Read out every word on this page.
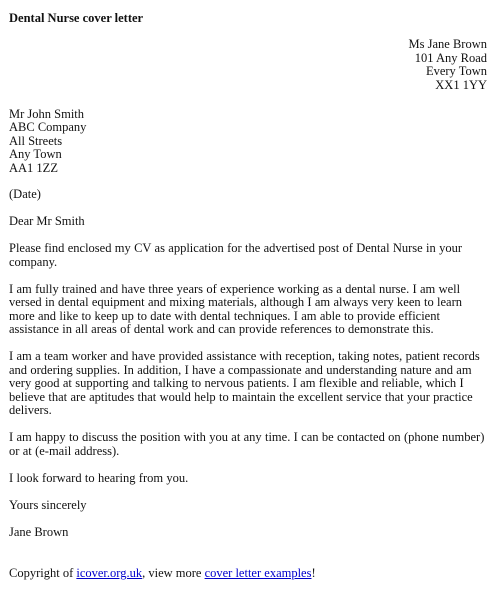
Dental Nurse cover letter
Ms Jane Brown
101 Any Road
Every Town
XX1 1YY
Mr John Smith
ABC Company
All Streets
Any Town
AA1 1ZZ
(Date)
Dear Mr Smith

Please find enclosed my CV as application for the advertised post of Dental Nurse in your company.

I am fully trained and have three years of experience working as a dental nurse. I am well versed in dental equipment and mixing materials, although I am always very keen to learn more and like to keep up to date with dental techniques. I am able to provide efficient assistance in all areas of dental work and can provide references to demonstrate this.

I am a team worker and have provided assistance with reception, taking notes, patient records and ordering supplies. In addition, I have a compassionate and understanding nature and am very good at supporting and talking to nervous patients. I am flexible and reliable, which I believe that are aptitudes that would help to maintain the excellent service that your practice delivers.

I am happy to discuss the position with you at any time. I can be contacted on (phone number) or at (e-mail address).

I look forward to hearing from you.

Yours sincerely
Jane Brown
Copyright of icover.org.uk, view more cover letter examples!
